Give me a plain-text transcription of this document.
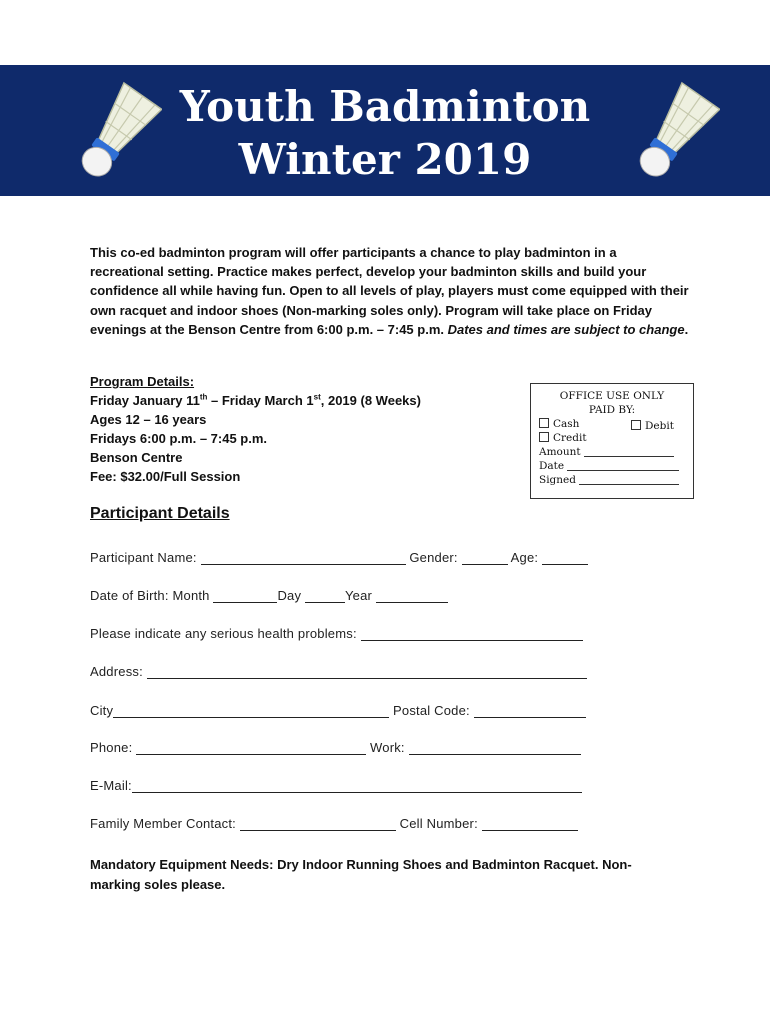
Youth Badminton
Winter 2019
This co-ed badminton program will offer participants a chance to play badminton in a recreational setting. Practice makes perfect, develop your badminton skills and build your confidence all while having fun. Open to all levels of play, players must come equipped with their own racquet and indoor shoes (Non-marking soles only). Program will take place on Friday evenings at the Benson Centre from 6:00 p.m. – 7:45 p.m. Dates and times are subject to change.
Program Details:
Friday January 11th – Friday March 1st, 2019 (8 Weeks)
Ages 12 – 16 years
Fridays 6:00 p.m. – 7:45 p.m.
Benson Centre
Fee: $32.00/Full Session
OFFICE USE ONLY
PAID BY:
Cash	Debit
Credit
Amount
Date
Signed
Participant Details
Participant Name:	Gender:	Age:
Date of Birth: Month	Day	Year
Please indicate any serious health problems:
Address:
City	Postal Code:
Phone:	Work:
E-Mail:
Family Member Contact:	Cell Number:
Mandatory Equipment Needs: Dry Indoor Running Shoes and Badminton Racquet. Non-marking soles please.
